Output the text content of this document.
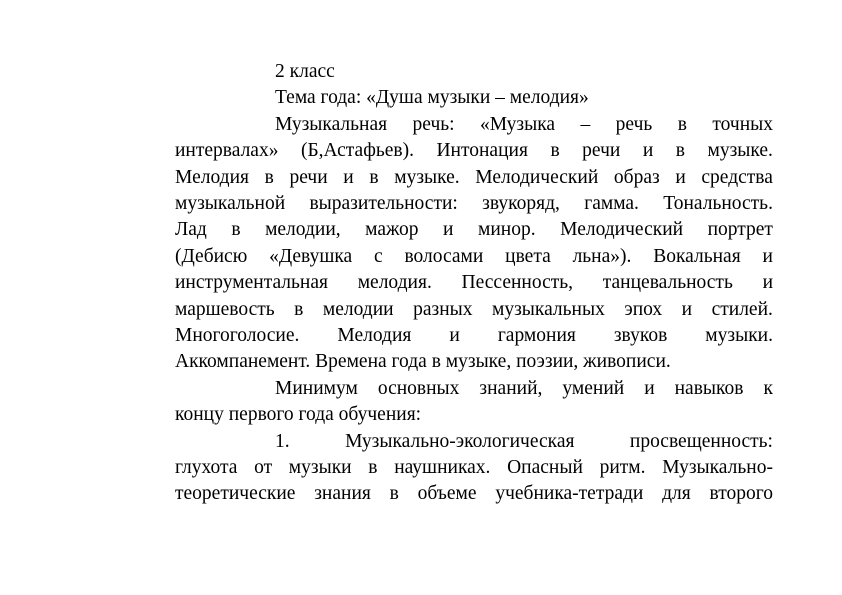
2 класс
Тема года: «Душа музыки – мелодия»
Музыкальная речь: «Музыка – речь в точных
интервалах» (Б,Астафьев). Интонация в речи и в музыке.
Мелодия в речи и в музыке. Мелодический образ и средства
музыкальной выразительности: звукоряд, гамма. Тональность.
Лад в мелодии, мажор и минор. Мелодический портрет
(Дебисю «Девушка с волосами цвета льна»). Вокальная и
инструментальная мелодия. Пессенность, танцевальность и
маршевость в мелодии разных музыкальных эпох и стилей.
Многоголосие. Мелодия и гармония звуков музыки.
Аккомпанемент. Времена года в музыке, поэзии, живописи.
Минимум основных знаний, умений и навыков к
концу первого года обучения:
1.	Музыкально-экологическая	просвещенность:
глухота от музыки в наушниках. Опасный ритм. Музыкально-
теоретические знания в объеме учебника-тетради для второго
